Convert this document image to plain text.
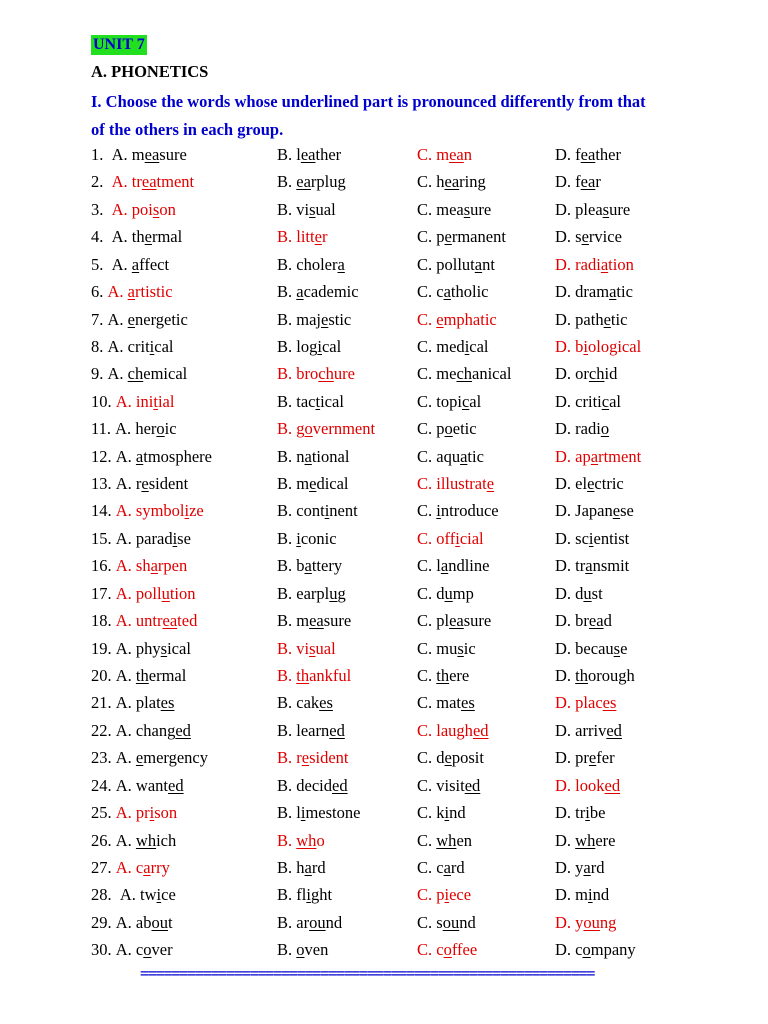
UNIT 7
A. PHONETICS
I. Choose the words whose underlined part is pronounced differently from that
of the others in each group.
1.  A. measure	B. leather	C. mean	D. feather
2.  A. treatment	B. earplug	C. hearing	D. fear
3.  A. poison	B. visual	C. measure	D. pleasure
4.  A. thermal	B. litter	C. permanent	D. service
5.  A. affect	B. cholera	C. pollutant	D. radiation
6. A. artistic	B. academic	C. catholic	D. dramatic
7. A. energetic	B. majestic	C. emphatic	D. pathetic
8. A. critical	B. logical	C. medical	D. biological
9. A. chemical	B. brochure	C. mechanical	D. orchid
10. A. initial	B. tactical	C. topical	D. critical
11. A. heroic	B. government	C. poetic	D. radio
12. A. atmosphere	B. national	C. aquatic	D. apartment
13. A. resident	B. medical	C. illustrate	D. electric
14. A. symbolize	B. continent	C. introduce	D. Japanese
15. A. paradise	B. iconic	C. official	D. scientist
16. A. sharpen	B. battery	C. landline	D. transmit
17. A. pollution	B. earplug	C. dump	D. dust
18. A. untreated	B. measure	C. pleasure	D. bread
19. A. physical	B. visual	C. music	D. because
20. A. thermal	B. thankful	C. there	D. thorough
21. A. plates	B. cakes	C. mates	D. places
22. A. changed	B. learned	C. laughed	D. arrived
23. A. emergency	B. resident	C. deposit	D. prefer
24. A. wanted	B. decided	C. visited	D. looked
25. A. prison	B. limestone	C. kind	D. tribe
26. A. which	B. who	C. when	D. where
27. A. carry	B. hard	C. card	D. yard
28.  A. twice	B. flight	C. piece	D. mind
29. A. about	B. around	C. sound	D. young
30. A. cover	B. oven	C. coffee	D. company
==========================================================
